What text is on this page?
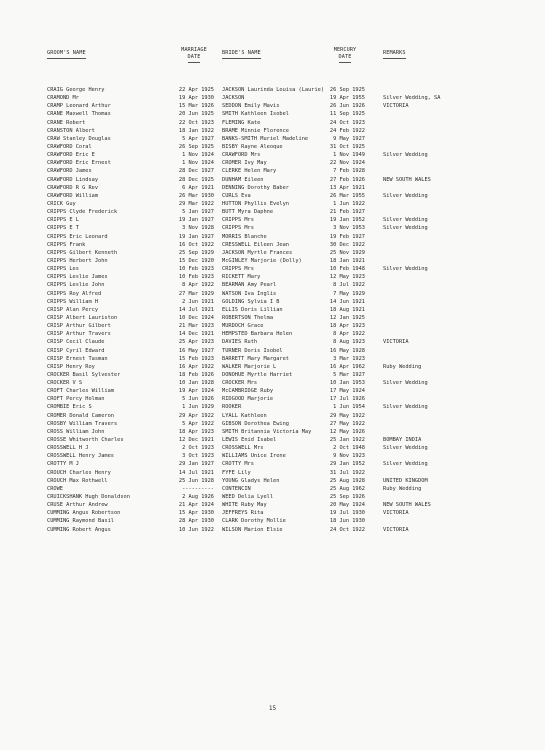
GROOM'S NAME	MARRIAGE
DATE
BRIDE'S NAME	MERCURY
DATE
REMARKS
CRAIG George Henry	22 Apr 1925 JACKSON Laurinda Louisa (Laurie)	26 Sep 1925
CRAMOND Mr	19 Apr 1930 JACKSON	19 Apr 1955	Silver Wedding, SA
CRAMP Leonard Arthur	15 Mar 1926 SEDDON Emily Mavis	26 Jun 1926	VICTORIA
CRANE Maxwell Thomas	20 Jun 1925 SMITH Kathleen Isobel	11 Sep 1925
CRANE Robert	22 Oct 1923 FLEMING Kate	24 Oct 1923
CRANSTON Albert	18 Jan 1922 BRAME Minnie Florence	24 Feb 1922
CRAW Stanley Douglas	5 Apr 1927 BANKS-SMITH Muriel Madeline	9 May 1927
CRAWFORD Coral	26 Sep 1925 BISBY Rayne Aleoque	31 Oct 1925
CRAWFORD Eric E	1 Nov 1924 CRAWFORD Mrs	1 Nov 1949	Silver Wedding
CRAWFORD Eric Ernest	1 Nov 1924 CROMER Ivy May	22 Nov 1924
CRAWFORD James	28 Dec 1927 CLERKE Helen Mary	7 Feb 1928
CRAWFORD Lindsay	28 Dec 1925 DUNHAM Eileen	27 Feb 1926	NEW SOUTH WALES
CRAWFORD R G Rev	6 Apr 1921 DENNING Dorothy Baber	13 Apr 1921
CRAWFORD William	26 Mar 1930 CURLS Eva	26 Mar 1955	Silver Wedding
CRICK Guy	29 Mar 1922 HUTTON Phyllis Evelyn	1 Jun 1922
CRIPPS Clyde Frederick	5 Jan 1927 BUTT Myra Daphne	21 Feb 1927
CRIPPS E L	19 Jan 1927 CRIPPS Mrs	19 Jan 1952	Silver Wedding
CRIPPS E T	3 Nov 1928 CRIPPS Mrs	3 Nov 1953	Silver Wedding
CRIPPS Eric Leonard	19 Jan 1927 MORRIS Blanche	19 Feb 1927
CRIPPS Frank	16 Oct 1922 CRESSWELL Eileen Jean	30 Dec 1922
CRIPPS Gilbert Kenneth	25 Sep 1929 JACKSON Myrtle Frances	25 Nov 1929
CRIPPS Herbert John	15 Dec 1920 McGINLEY Marjorie (Dolly)	18 Jan 1921
CRIPPS Les	10 Feb 1923 CRIPPS Mrs	10 Feb 1948	Silver Wedding
CRIPPS Leslie James	10 Feb 1923 RICKETT Mary	12 May 1923
CRIPPS Leslie John	8 Apr 1922 BEARMAN Amy Pearl	8 Jul 1922
CRIPPS Roy Alfred	27 Mar 1929 WATSON Iva Inglis	7 May 1929
CRIPPS William H	2 Jun 1921 GOLDING Sylvia I B	14 Jun 1921
CRISP Alan Percy	14 Jul 1921 ELLIS Doris Lillian	18 Aug 1921
CRISP Albert Lauriston	10 Dec 1924 ROBERTSON Thelma	12 Jan 1925
CRISP Arthur Gilbert	21 Mar 1923 MURDOCH Grace	18 Apr 1923
CRISP Arthur Travers	14 Dec 1921 HEMPSTED Barbara Helen	8 Apr 1922
CRISP Cecil Claude	25 Apr 1923 DAVIES Ruth	8 Aug 1923	VICTORIA
CRISP Cyril Edward	16 May 1927 TURNER Doris Isobel	16 May 1928
CRISP Ernest Tasman	15 Feb 1923 BARRETT Mary Margaret	3 Mar 1923
CRISP Henry Roy	16 Apr 1922 WALKER Marjorie L	16 Apr 1962	Ruby Wedding
CROCKER Basil Sylvester	18 Feb 1926 DONOHUE Myrtle Harriet	5 Mar 1927
CROCKER V S	10 Jan 1928 CROCKER Mrs	10 Jan 1953	Silver Wedding
CROFT Charles William	19 Apr 1924 McCAMBRIDGE Ruby	17 May 1924
CROFT Percy Holman	5 Jun 1926 RIDGOOD Marjorie	17 Jul 1926
CROMBIE Eric S	1 Jun 1929 ROOKER	1 Jun 1954	Silver Wedding
CROMER Donald Cameron	29 Apr 1922 LYALL Kathleen	29 May 1922
CROSBY William Travers	5 Apr 1922 GIBSON Dorothea Ewing	27 May 1922
CROSS William John	18 Apr 1923 SMITH Britannia Victoria May	12 May 1926
CROSSE Whitworth Charles	12 Dec 1921 LEWIS Enid Isabel	25 Jan 1922	BOMBAY INDIA
CROSSWELL H J	2 Oct 1923 CROSSWELL Mrs	2 Oct 1948	Silver Wedding
CROSSWELL Henry James	3 Oct 1923 WILLIAMS Unice Irene	9 Nov 1923
CROTTY M J	29 Jan 1927 CROTTY Mrs	29 Jan 1952	Silver Wedding
CROUCH Charles Henry	14 Jul 1921 FYFE Lily	31 Jul 1922
CROUCH Max Rothwell	25 Jun 1928 YOUNG Gladys Helen	25 Aug 1928	UNITED KINGDOM
CROWE	---------- CONTENCIN	25 Aug 1962	Ruby Wedding
CRUICKSHANK Hugh Donaldson	2 Aug 1926 WEED Delia Lyell	25 Sep 1926
CRUSE Arthur Andrew	21 Apr 1924 WHITE Ruby May	20 May 1924	NEW SOUTH WALES
CUMMING Angus Robertson	15 Apr 1930 JEFFREYS Rita	19 Jul 1930	VICTORIA
CUMMING Raymond Basil	28 Apr 1930 CLARK Dorothy Mollie	18 Jun 1930
CUMMING Robert Angus	10 Jun 1922 WILSON Marion Elsie	24 Oct 1922	VICTORIA
15
